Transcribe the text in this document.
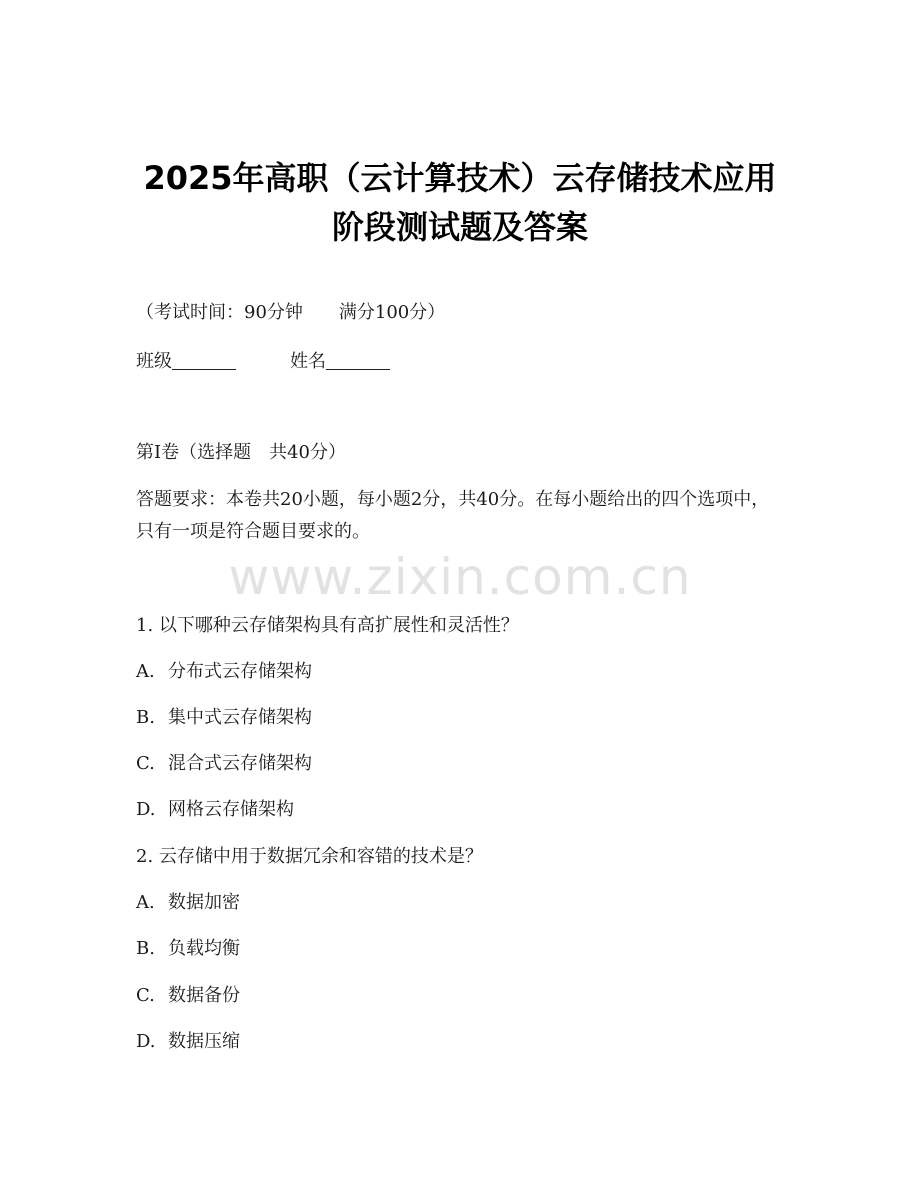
2025年高职（云计算技术）云存储技术应用
阶段测试题及答案
（考试时间：90分钟　　满分100分）
班级	姓名
第I卷（选择题　共40分）
答题要求：本卷共20小题，每小题2分，共40分。在每小题给出的四个选项中，只有一项是符合题目要求的。
www.zixin.com.cn
1. 以下哪种云存储架构具有高扩展性和灵活性？
A. 分布式云存储架构
B. 集中式云存储架构
C. 混合式云存储架构
D. 网格云存储架构
2. 云存储中用于数据冗余和容错的技术是？
A. 数据加密
B. 负载均衡
C. 数据备份
D. 数据压缩
